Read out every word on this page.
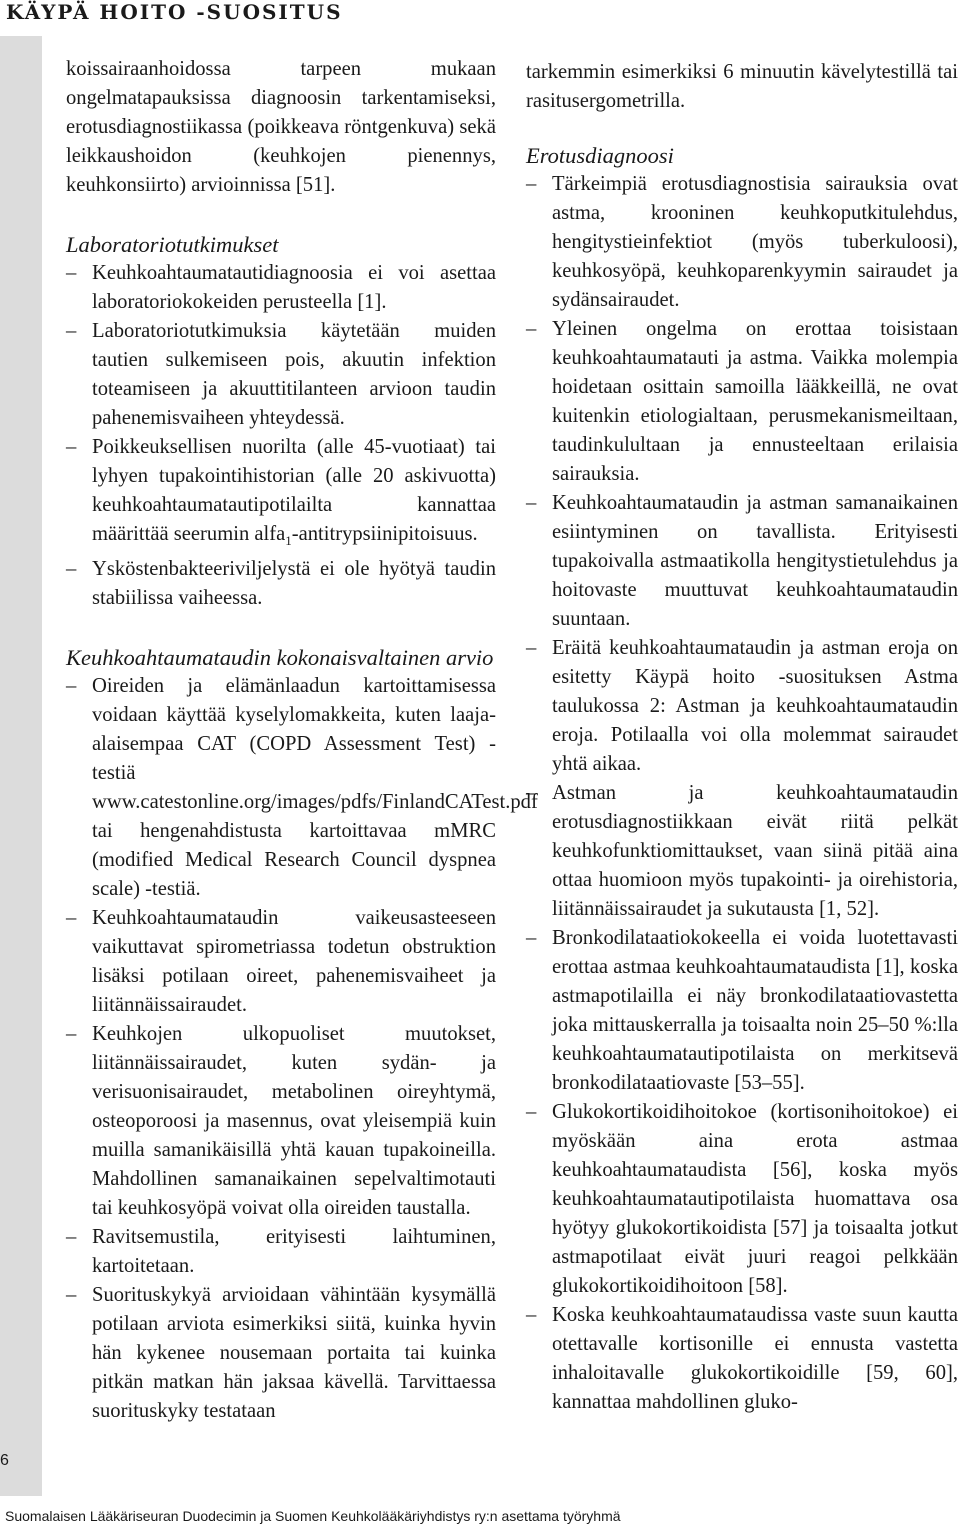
KÄYPÄ HOITO -SUOSITUS
6

koissairaanhoidossa tarpeen mukaan ongelmatapauksissa diagnoosin tarkentamiseksi, erotusdiagnostiikassa (poikkeava röntgenkuva) sekä leikkaushoidon (keuhkojen pienennys, keuhkonsiirto) arvioinnissa [51].

Laboratoriotutkimukset
– Keuhkoahtaumatautidiagnoosia ei voi asettaa laboratoriokokeiden perusteella [1].
– Laboratoriotutkimuksia käytetään muiden tautien sulkemiseen pois, akuutin infektion toteamiseen ja akuuttitilanteen arvioon taudin pahenemisvaiheen yhteydessä.
– Poikkeuksellisen nuorilta (alle 45-vuotiaat) tai lyhyen tupakointihistorian (alle 20 askivuotta) keuhkoahtaumatautipotilailta kannattaa määrittää seerumin alfa$_1$-antitrypsiinipitoisuus.
– Ysköstenbakteeriviljelystä ei ole hyötyä taudin stabiilissa vaiheessa.
Keuhkoahtaumataudin kokonaisvaltainen arvio
– Oireiden ja elämänlaadun kartoittamisessa voidaan käyttää kyselylomakkeita, kuten laaja-alaisempaa CAT (COPD Assessment Test) -testiä www.catestonline.org/images/pdfs/FinlandCATest.pdf tai hengenahdistusta kartoittavaa mMRC (modified Medical Research Council dyspnea scale) -testiä.
– Keuhkoahtaumataudin vaikeusasteeseen vaikuttavat spirometriassa todetun obstruktion lisäksi potilaan oireet, pahenemisvaiheet ja liitännäissairaudet.
– Keuhkojen ulkopuoliset muutokset, liitännäissairaudet, kuten sydän- ja verisuonisairaudet, metabolinen oireyhtymä, osteoporoosi ja masennus, ovat yleisempiä kuin muilla samanikäisillä yhtä kauan tupakoineilla. Mahdollinen samanaikainen sepelvaltimotauti tai keuhkosyöpä voivat olla oireiden taustalla.
– Ravitsemustila, erityisesti laihtuminen, kartoitetaan.
– Suorituskykyä arvioidaan vähintään kysymällä potilaan arviota esimerkiksi siitä, kuinka hyvin hän kykenee nousemaan portaita tai kuinka pitkän matkan hän jaksaa kävellä. Tarvittaessa suorituskyky testataan

tarkemmin esimerkiksi 6 minuutin kävelytestillä tai rasitusergometrilla.

Erotusdiagnoosi
– Tärkeimpiä erotusdiagnostisia sairauksia ovat astma, krooninen keuhkoputkitulehdus, hengitystieinfektiot (myös tuberkuloosi), keuhkosyöpä, keuhkoparenkyymin sairaudet ja sydänsairaudet.
– Yleinen ongelma on erottaa toisistaan keuhkoahtaumatauti ja astma. Vaikka molempia hoidetaan osittain samoilla lääkkeillä, ne ovat kuitenkin etiologialtaan, perusmekanismeiltaan, taudinkulultaan ja ennusteeltaan erilaisia sairauksia.
– Keuhkoahtaumataudin ja astman samanaikainen esiintyminen on tavallista. Erityisesti tupakoivalla astmaatikolla hengitystietulehdus ja hoitovaste muuttuvat keuhkoahtaumataudin suuntaan.
– Eräitä keuhkoahtaumataudin ja astman eroja on esitetty Käypä hoito -suosituksen Astma taulukossa 2: Astman ja keuhkoahtaumataudin eroja. Potilaalla voi olla molemmat sairaudet yhtä aikaa.
– Astman ja keuhkoahtaumataudin erotusdiagnostiikkaan eivät riitä pelkät keuhkofunktiomittaukset, vaan siinä pitää aina ottaa huomioon myös tupakointi- ja oirehistoria, liitännäissairaudet ja sukutausta [1, 52].
– Bronkodilataatiokokeella ei voida luotettavasti erottaa astmaa keuhkoahtaumataudista [1], koska astmapotilailla ei näy bronkodilataatiovastetta joka mittauskerralla ja toisaalta noin 25–50 %:lla keuhkoahtaumatautipotilaista on merkitsevä bronkodilataatiovaste [53–55].
– Glukokortikoidihoitokoe (kortisonihoitokoe) ei myöskään aina erota astmaa keuhkoahtaumataudista [56], koska myös keuhkoahtaumatautipotilaista huomattava osa hyötyy glukokortikoidista [57] ja toisaalta jotkut astmapotilaat eivät juuri reagoi pelkkään glukokortikoidihoitoon [58].
– Koska keuhkoahtaumataudissa vaste suun kautta otettavalle kortisonille ei ennusta vastetta inhaloitavalle glukokortikoidille [59, 60], kannattaa mahdollinen gluko-
Suomalaisen Lääkäriseuran Duodecimin ja Suomen Keuhkolääkäriyhdistys ry:n asettama työryhmä
